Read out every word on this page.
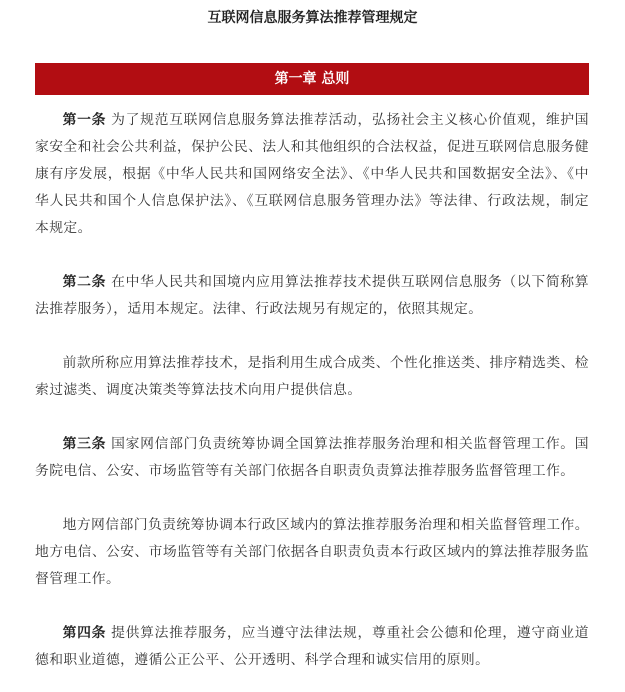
互联网信息服务算法推荐管理规定
第一章 总则

第一条 为了规范互联网信息服务算法推荐活动，弘扬社会主义核心价值观，维护国家安全和社会公共利益，保护公民、法人和其他组织的合法权益，促进互联网信息服务健康有序发展，根据《中华人民共和国网络安全法》、《中华人民共和国数据安全法》、《中华人民共和国个人信息保护法》、《互联网信息服务管理办法》等法律、行政法规，制定本规定。

第二条 在中华人民共和国境内应用算法推荐技术提供互联网信息服务（以下简称算法推荐服务），适用本规定。法律、行政法规另有规定的，依照其规定。

前款所称应用算法推荐技术，是指利用生成合成类、个性化推送类、排序精选类、检索过滤类、调度决策类等算法技术向用户提供信息。

第三条 国家网信部门负责统筹协调全国算法推荐服务治理和相关监督管理工作。国务院电信、公安、市场监管等有关部门依据各自职责负责算法推荐服务监督管理工作。

地方网信部门负责统筹协调本行政区域内的算法推荐服务治理和相关监督管理工作。地方电信、公安、市场监管等有关部门依据各自职责负责本行政区域内的算法推荐服务监督管理工作。

第四条 提供算法推荐服务，应当遵守法律法规，尊重社会公德和伦理，遵守商业道德和职业道德，遵循公正公平、公开透明、科学合理和诚实信用的原则。
